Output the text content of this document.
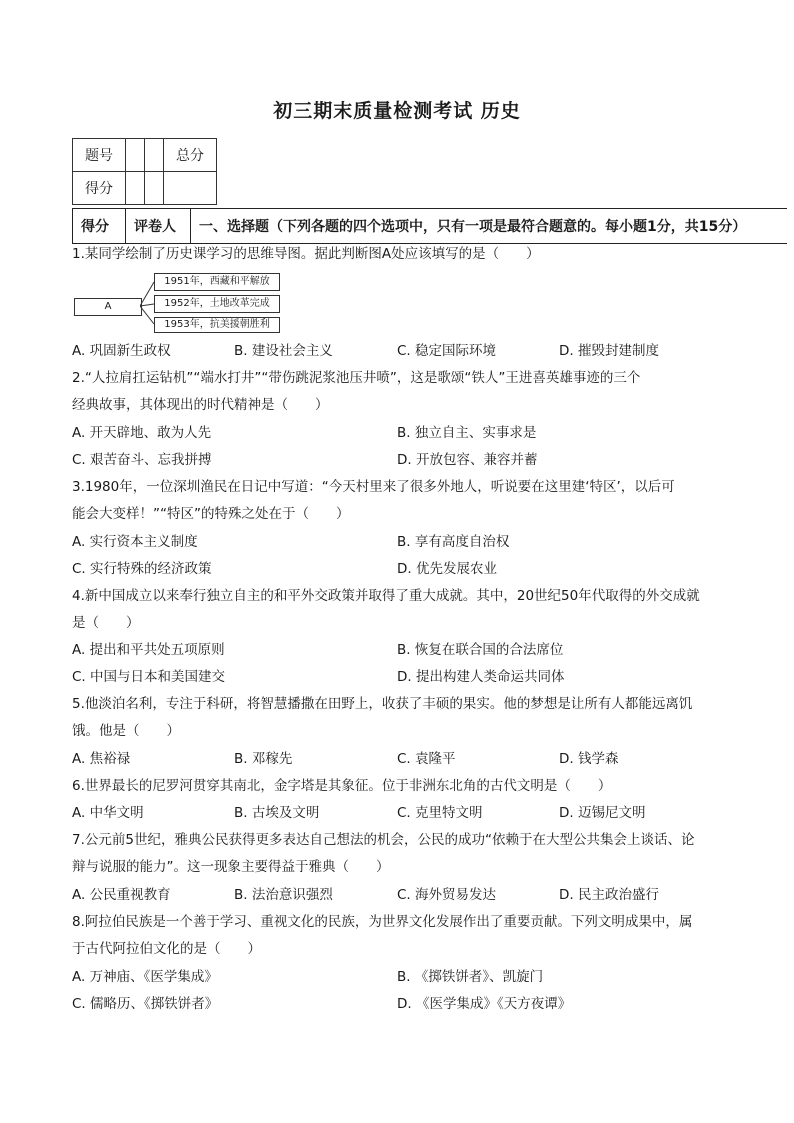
初三期末质量检测考试 历史
题号			总分
得分			
得分	评卷人	一、选择题（下列各题的四个选项中，只有一项是最符合题意的。每小题1分，共15分）
1.某同学绘制了历史课学习的思维导图。据此判断图A处应该填写的是（　　）
A
1951年，西藏和平解放
1952年，土地改革完成
1953年，抗美援朝胜利
A. 巩固新生政权	B. 建设社会主义	C. 稳定国际环境	D. 摧毁封建制度
2.“人拉肩扛运钻机”“端水打井”“带伤跳泥浆池压井喷”，这是歌颂“铁人”王进喜英雄事迹的三个
经典故事，其体现出的时代精神是（　　）
A. 开天辟地、敢为人先	B. 独立自主、实事求是
C. 艰苦奋斗、忘我拼搏	D. 开放包容、兼容并蓄
3.1980年，一位深圳渔民在日记中写道：“今天村里来了很多外地人，听说要在这里建‘特区’，以后可
能会大变样！”“特区”的特殊之处在于（　　）
A. 实行资本主义制度	B. 享有高度自治权
C. 实行特殊的经济政策	D. 优先发展农业
4.新中国成立以来奉行独立自主的和平外交政策并取得了重大成就。其中，20世纪50年代取得的外交成就
是（　　）
A. 提出和平共处五项原则	B. 恢复在联合国的合法席位
C. 中国与日本和美国建交	D. 提出构建人类命运共同体
5.他淡泊名利，专注于科研，将智慧播撒在田野上，收获了丰硕的果实。他的梦想是让所有人都能远离饥
饿。他是（　　）
A. 焦裕禄	B. 邓稼先	C. 袁隆平	D. 钱学森
6.世界最长的尼罗河贯穿其南北，金字塔是其象征。位于非洲东北角的古代文明是（　　）
A. 中华文明	B. 古埃及文明	C. 克里特文明	D. 迈锡尼文明
7.公元前5世纪，雅典公民获得更多表达自己想法的机会，公民的成功“依赖于在大型公共集会上谈话、论
辩与说服的能力”。这一现象主要得益于雅典（　　）
A. 公民重视教育	B. 法治意识强烈	C. 海外贸易发达	D. 民主政治盛行
8.阿拉伯民族是一个善于学习、重视文化的民族，为世界文化发展作出了重要贡献。下列文明成果中，属
于古代阿拉伯文化的是（　　）
A. 万神庙、《医学集成》	B. 《掷铁饼者》、凯旋门
C. 儒略历、《掷铁饼者》	D. 《医学集成》《天方夜谭》
